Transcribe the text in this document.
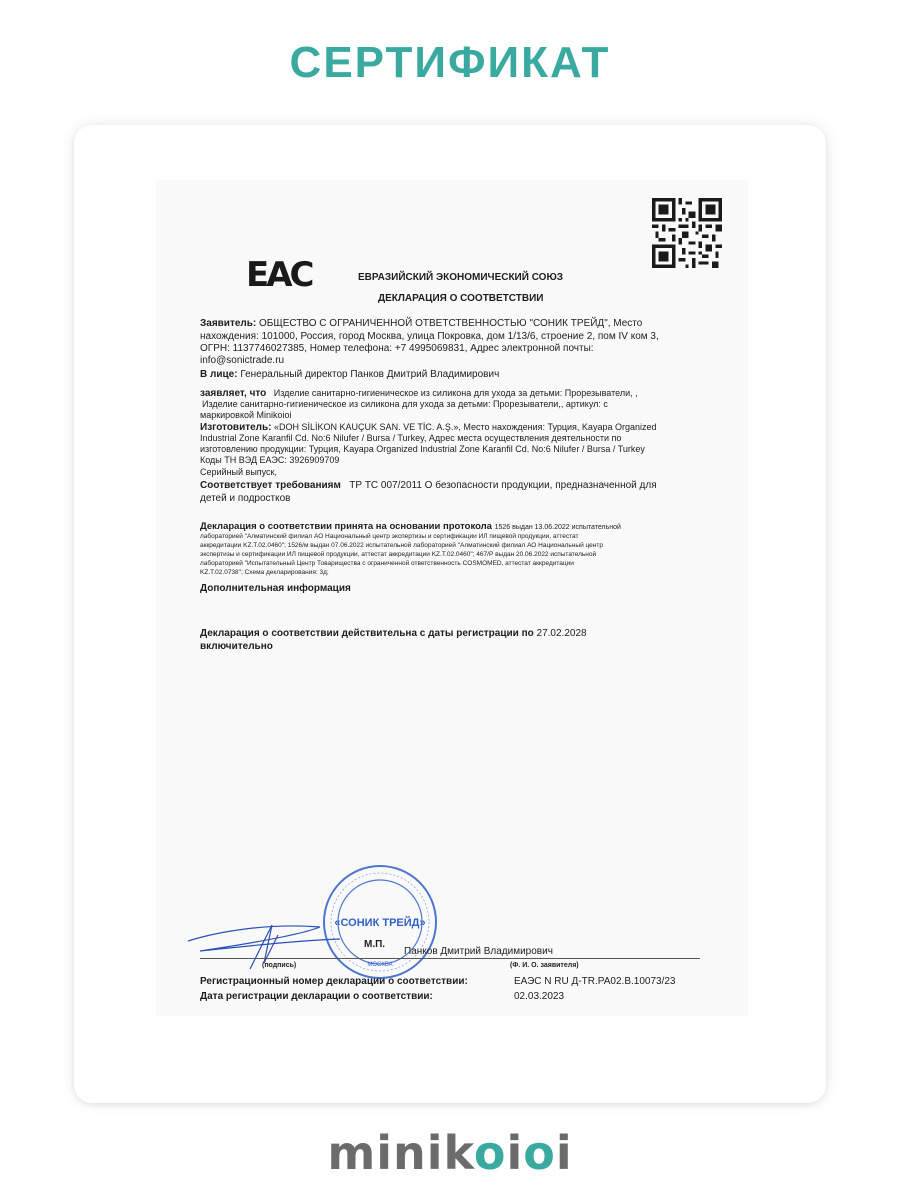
СЕРТИФИКАТ
ЕАС	ЕВРАЗИЙСКИЙ ЭКОНОМИЧЕСКИЙ СОЮЗ
ДЕКЛАРАЦИЯ О СООТВЕТСТВИИ
Заявитель: ОБЩЕСТВО С ОГРАНИЧЕННОЙ ОТВЕТСТВЕННОСТЬЮ "СОНИК ТРЕЙД", Место
нахождения: 101000, Россия, город Москва, улица Покровка, дом 1/13/6, строение 2, пом IV ком 3,
ОГРН: 1137746027385, Номер телефона: +7 4995069831, Адрес электронной почты:
info@sonictrade.ru
В лице: Генеральный директор Панков Дмитрий Владимирович
заявляет, что Изделие санитарно-гигиеническое из силикона для ухода за детьми: Прорезыватели, ,
Изделие санитарно-гигиеническое из силикона для ухода за детьми: Прорезыватели,, артикул: с
маркировкой Minikoioi
Изготовитель: «DOH SİLİKON KAUÇUK SAN. VE TİC. A.Ş.», Место нахождения: Турция, Kayapa Organized
Industrial Zone Karanfil Cd. No:6 Nilufer / Bursa / Turkey, Адрес места осуществления деятельности по
изготовлению продукции: Турция, Kayapa Organized Industrial Zone Karanfil Cd. No:6 Nilufer / Bursa / Turkey
Коды ТН ВЭД ЕАЭС: 3926909709
Серийный выпуск,
Соответствует требованиям ТР ТС 007/2011 О безопасности продукции, предназначенной для
детей и подростков
Декларация о соответствии принята на основании протокола 1526 выдан 13.06.2022 испытательной
лабораторией "Алматинский филиал АО Национальный центр экспертизы и сертификации ИЛ пищевой продукции, аттестат
аккредитации KZ.T.02.0460"; 1526/м выдан 07.06.2022 испытательной лабораторией "Алматинский филиал АО Национальный центр
экспертизы и сертификации ИЛ пищевой продукции, аттестат аккредитации KZ.T.02.0460"; 467/Р выдан 20.06.2022 испытательной
лабораторией "Испытательный Центр Товарищества с ограниченной ответственность COSMOMED, аттестат аккредитации
KZ.T.02.0738"; Схема декларирования: 3д;
Дополнительная информация
Декларация о соответствии действительна с даты регистрации по 27.02.2028
включительно
«СОНИК ТРЕЙД»
МОСКВА
М.П.
Панков Дмитрий Владимирович
(подпись)	(Ф. И. О. заявителя)
Регистрационный номер декларации о соответствии:	ЕАЭС N RU Д-TR.РА02.В.10073/23
Дата регистрации декларации о соответствии:	02.03.2023
minikoioi
